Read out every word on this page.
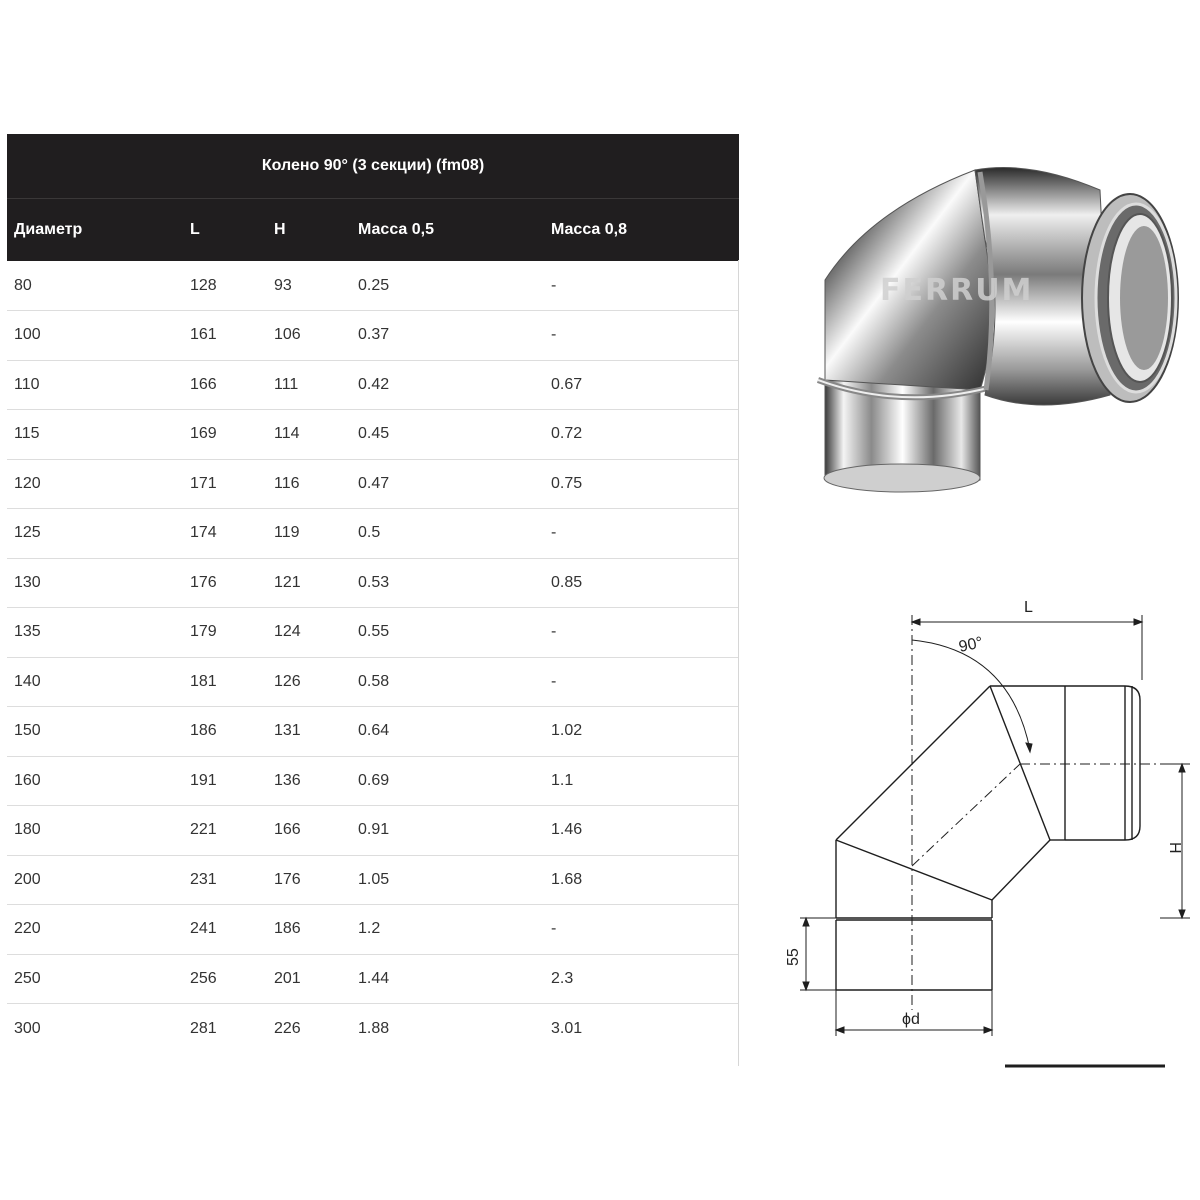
Колено 90° (3 секции) (fm08)				
Диаметр	L	H	Масса 0,5	Масса 0,8
80	128	93	0.25	-
100	161	106	0.37	-
110	166	111	0.42	0.67
115	169	114	0.45	0.72
120	171	116	0.47	0.75
125	174	119	0.5	-
130	176	121	0.53	0.85
135	179	124	0.55	-
140	181	126	0.58	-
150	186	131	0.64	1.02
160	191	136	0.69	1.1
180	221	166	0.91	1.46
200	231	176	1.05	1.68
220	241	186	1.2	-
250	256	201	1.44	2.3
300	281	226	1.88	3.01
FERRUM
L
90°
H
55
ϕd
